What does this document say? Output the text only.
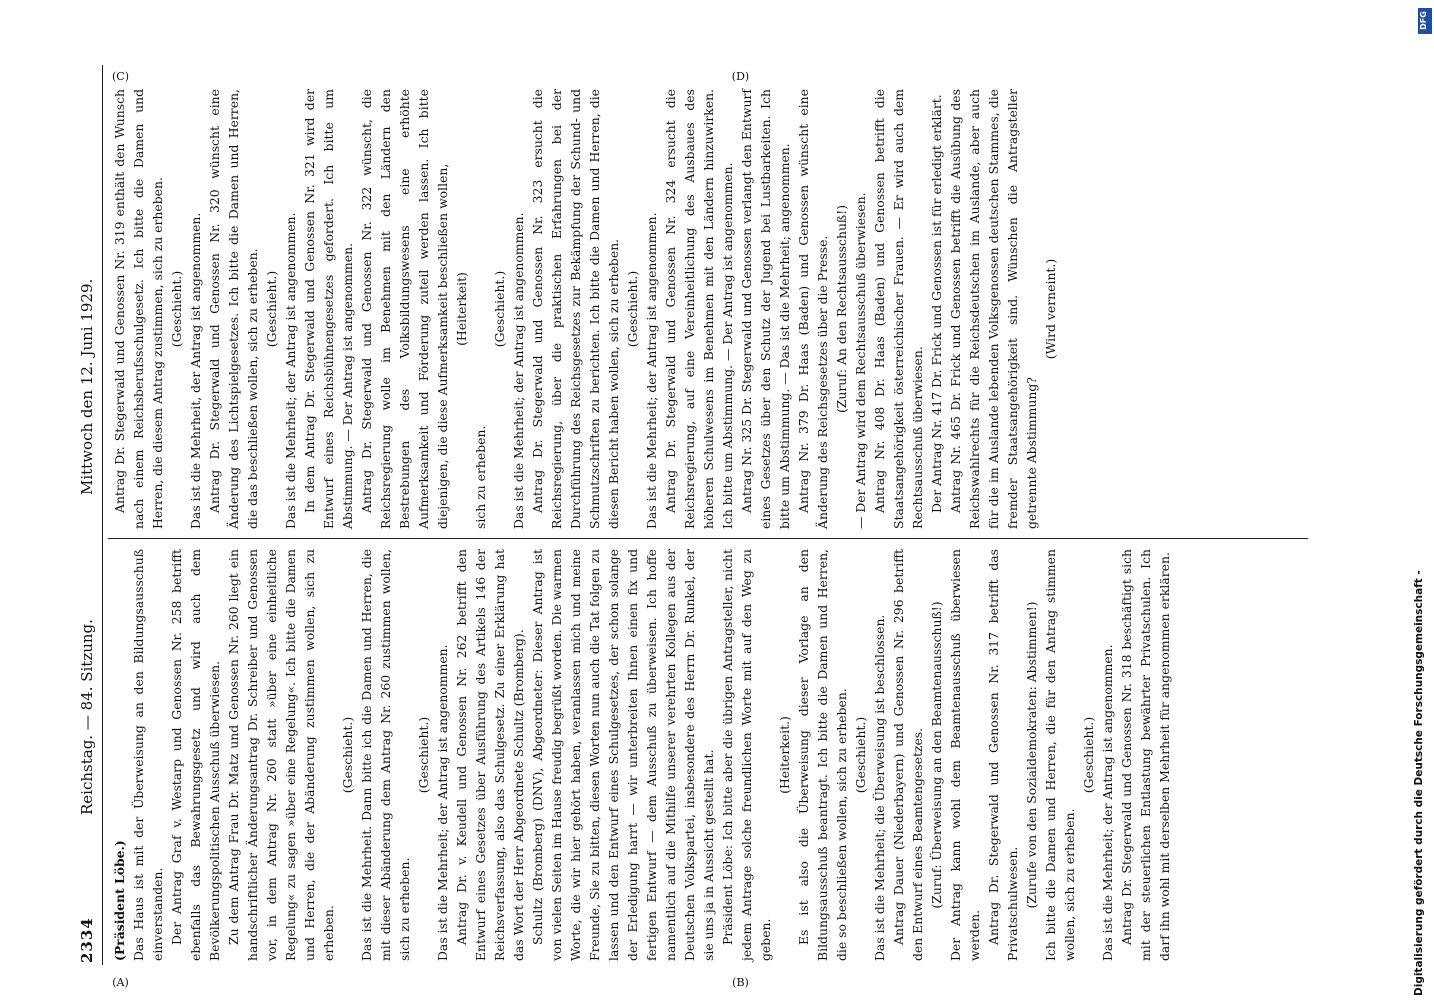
2334
Reichstag. — 84. Sitzung.
Mittwoch den 12. Juni 1929.

(Präsident Löbe.) Das Haus ist mit der Überweisung an den Bildungsausschuß einverstanden. Der Antrag Graf v. Westarp und Genossen Nr. 258 betrifft ebenfalls das Bewahrungsgesetz und wird auch dem Bevölkerungspolitischen Ausschuß überwiesen. Zu dem Antrag Frau Dr. Matz und Genossen Nr. 260 liegt ein handschriftlicher Änderungsantrag Dr. Schreiber und Genossen vor, in dem Antrag Nr. 260 statt »über eine einheitliche Regelung« zu sagen »über eine Regelung«. Ich bitte die Damen und Herren, die der Abänderung zustimmen wollen, sich zu erheben.

(Geschieht.) Das ist die Mehrheit. Dann bitte ich die Damen und Herren, die mit dieser Abänderung dem Antrag Nr. 260 zustimmen wollen, sich zu erheben.

(Geschieht.) Das ist die Mehrheit; der Antrag ist angenommen. Antrag Dr. v. Keudell und Genossen Nr. 262 betrifft den Entwurf eines Gesetzes über Ausführung des Artikels 146 der Reichsverfassung, also das Schulgesetz. Zu einer Erklärung hat das Wort der Herr Abgeordnete Schultz (Bromberg). Schultz (Bromberg) (DNV), Abgeordneter: Dieser Antrag ist von vielen Seiten im Hause freudig begrüßt worden. Die warmen Worte, die wir hier gehört haben, veranlassen mich und meine Freunde, Sie zu bitten, diesen Worten nun auch die Tat folgen zu lassen und den Entwurf eines Schulgesetzes, der schon solange der Erledigung harrt — wir unterbreiten Ihnen einen fix und fertigen Entwurf — dem Ausschuß zu überweisen. Ich hoffe namentlich auf die Mithilfe unserer verehrten Kollegen aus der Deutschen Volkspartei, insbesondere des Herrn Dr. Runkel, der sie uns ja in Aussicht gestellt hat. Präsident Löbe: Ich bitte aber die übrigen Antragsteller, nicht jedem Antrage solche freundlichen Worte mit auf den Weg zu geben.

(Heiterkeit.) Es ist also die Überweisung dieser Vorlage an den Bildungsausschuß beantragt. Ich bitte die Damen und Herren, die so beschließen wollen, sich zu erheben. (Geschieht.) Das ist die Mehrheit; die Überweisung ist beschlossen. Antrag Dauer (Niederbayern) und Genossen Nr. 296 betrifft den Entwurf eines Beamtengesetzes. (Zuruf: Überweisung an den Beamtenausschuß!) Der Antrag kann wohl dem Beamtenausschuß überwiesen werden. Antrag Dr. Stegerwald und Genossen Nr. 317 betrifft das Privatschulwesen. (Zurufe von den Sozialdemokraten: Abstimmen!) Ich bitte die Damen und Herren, die für den Antrag stimmen wollen, sich zu erheben.

(Geschieht.) Das ist die Mehrheit; der Antrag ist angenommen. Antrag Dr. Stegerwald und Genossen Nr. 318 beschäftigt sich mit der steuerlichen Entlastung bewährter Privatschulen. Ich darf ihn wohl mit derselben Mehrheit für angenommen erklären.

Antrag Dr. Stegerwald und Genossen Nr. 319 enthält den Wunsch nach einem Reichsberufsschulgesetz. Ich bitte die Damen und Herren, die diesem Antrag zustimmen, sich zu erheben. (Geschieht.) Das ist die Mehrheit, der Antrag ist angenommen. Antrag Dr. Stegerwald und Genossen Nr. 320 wünscht eine Änderung des Lichtspielgesetzes. Ich bitte die Damen und Herren, die das beschließen wollen, sich zu erheben. (Geschieht.) Das ist die Mehrheit; der Antrag ist angenommen. In dem Antrag Dr. Stegerwald und Genossen Nr. 321 wird der Entwurf eines Reichsbühnengesetzes gefordert. Ich bitte um Abstimmung. — Der Antrag ist angenommen. Antrag Dr. Stegerwald und Genossen Nr. 322 wünscht, die Reichsregierung wolle im Benehmen mit den Ländern den Bestrebungen des Volksbildungswesens eine erhöhte Aufmerksamkeit und Förderung zuteil werden lassen. Ich bitte diejenigen, die diese Aufmerksamkeit beschließen wollen, (Heiterkeit)

sich zu erheben.

(Geschieht.) Das ist die Mehrheit; der Antrag ist angenommen. Antrag Dr. Stegerwald und Genossen Nr. 323 ersucht die Reichsregierung, über die praktischen Erfahrungen bei der Durchführung des Reichsgesetzes zur Bekämpfung der Schund- und Schmutzschriften zu berichten. Ich bitte die Damen und Herren, die diesen Bericht haben wollen, sich zu erheben. (Geschieht.) Das ist die Mehrheit; der Antrag ist angenommen. Antrag Dr. Stegerwald und Genossen Nr. 324 ersucht die Reichsregierung, auf eine Vereinheitlichung des Ausbaues des höheren Schulwesens im Benehmen mit den Ländern hinzuwirken. Ich bitte um Abstimmung. — Der Antrag ist angenommen. Antrag Nr. 325 Dr. Stegerwald und Genossen verlangt den Entwurf eines Gesetzes über den Schutz der Jugend bei Lustbarkeiten. Ich bitte um Abstimmung. — Das ist die Mehrheit; angenommen. Antrag Nr. 379 Dr. Haas (Baden) und Genossen wünscht eine Änderung des Reichsgesetzes über die Presse. (Zuruf: An den Rechtsausschuß!) — Der Antrag wird dem Rechtsausschuß überwiesen. Antrag Nr. 408 Dr. Haas (Baden) und Genossen betrifft die Staatsangehörigkeit österreichischer Frauen. — Er wird auch dem Rechtsausschuß überwiesen. Der Antrag Nr. 417 Dr. Frick und Genossen ist für erledigt erklärt. Antrag Nr. 465 Dr. Frick und Genossen betrifft die Ausübung des Reichswahlrechts für die Reichsdeutschen im Auslande, aber auch für die im Auslande lebenden Volksgenossen deutschen Stammes, die fremder Staatsangehörigkeit sind. Wünschen die Antragsteller getrennte Abstimmung?

(Wird verneint.)

(A)	(B)
(C)	(D)
Digitalisierung gefördert durch die Deutsche Forschungsgemeinschaft -
DFG
